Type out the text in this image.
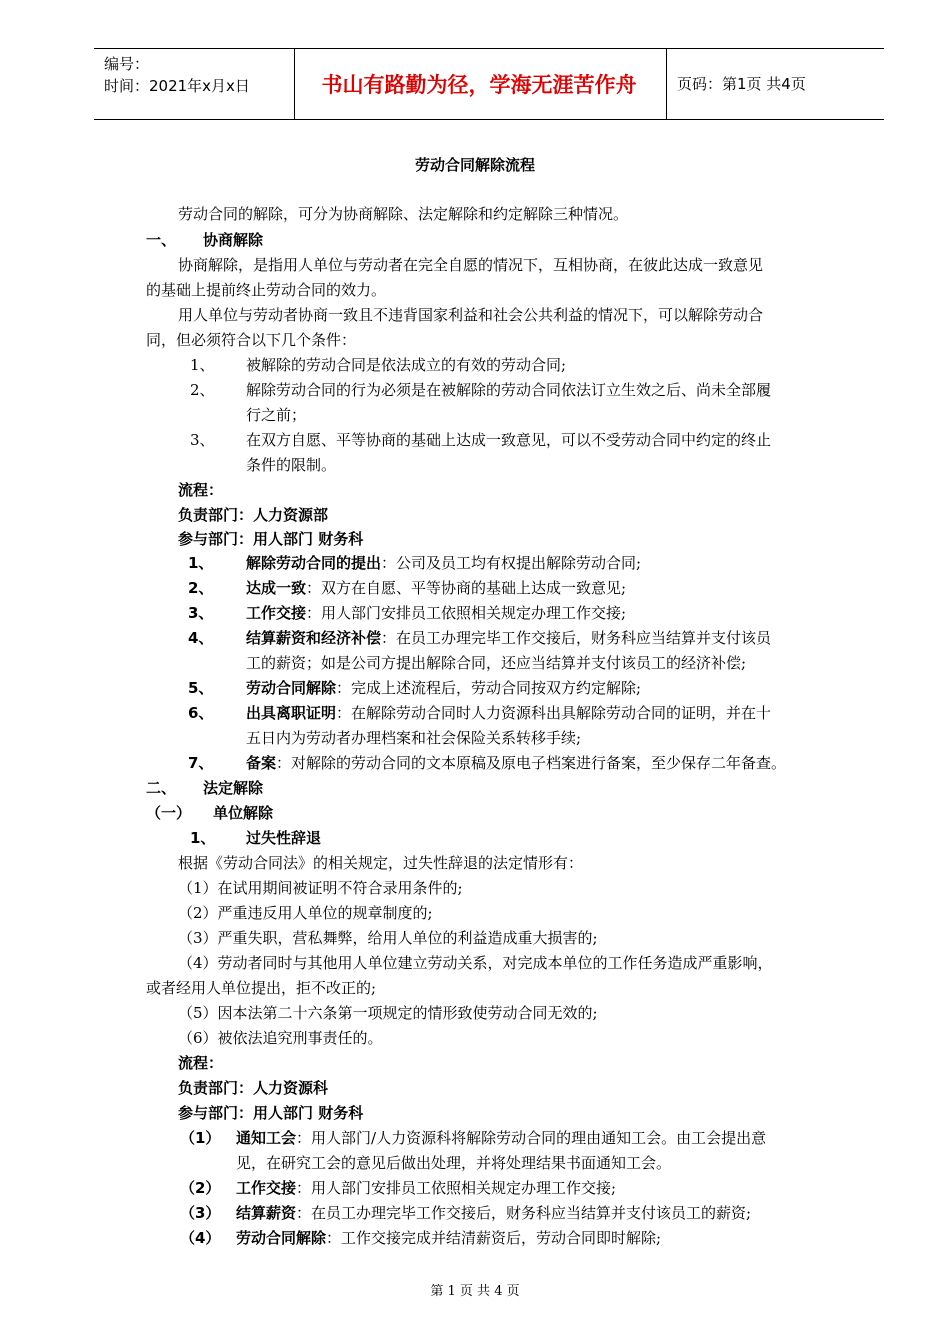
编号：
时间：2021年x月x日	书山有路勤为径，学海无涯苦作舟	页码：第1页 共4页
劳动合同解除流程
劳动合同的解除，可分为协商解除、法定解除和约定解除三种情况。
一、 协商解除
协商解除，是指用人单位与劳动者在完全自愿的情况下，互相协商，在彼此达成一致意见
的基础上提前终止劳动合同的效力。
用人单位与劳动者协商一致且不违背国家利益和社会公共利益的情况下，可以解除劳动合
同，但必须符合以下几个条件：
1、 被解除的劳动合同是依法成立的有效的劳动合同;
2、 解除劳动合同的行为必须是在被解除的劳动合同依法订立生效之后、尚未全部履
行之前；
3、 在双方自愿、平等协商的基础上达成一致意见，可以不受劳动合同中约定的终止
条件的限制。
流程：
负责部门：人力资源部
参与部门：用人部门 财务科
1、 解除劳动合同的提出：公司及员工均有权提出解除劳动合同;
2、 达成一致：双方在自愿、平等协商的基础上达成一致意见;
3、 工作交接：用人部门安排员工依照相关规定办理工作交接;
4、 结算薪资和经济补偿：在员工办理完毕工作交接后，财务科应当结算并支付该员
工的薪资；如是公司方提出解除合同，还应当结算并支付该员工的经济补偿;
5、 劳动合同解除：完成上述流程后，劳动合同按双方约定解除;
6、 出具离职证明：在解除劳动合同时人力资源科出具解除劳动合同的证明，并在十
五日内为劳动者办理档案和社会保险关系转移手续;
7、 备案：对解除的劳动合同的文本原稿及原电子档案进行备案，至少保存二年备查。
二、 法定解除
（一） 单位解除
1、 过失性辞退
根据《劳动合同法》的相关规定，过失性辞退的法定情形有：
（1）在试用期间被证明不符合录用条件的;
（2）严重违反用人单位的规章制度的;
（3）严重失职，营私舞弊，给用人单位的利益造成重大损害的;
（4）劳动者同时与其他用人单位建立劳动关系，对完成本单位的工作任务造成严重影响，
或者经用人单位提出，拒不改正的;
（5）因本法第二十六条第一项规定的情形致使劳动合同无效的;
（6）被依法追究刑事责任的。
流程：
负责部门：人力资源科
参与部门：用人部门 财务科
（1） 通知工会：用人部门/人力资源科将解除劳动合同的理由通知工会。由工会提出意
见，在研究工会的意见后做出处理，并将处理结果书面通知工会。
（2） 工作交接：用人部门安排员工依照相关规定办理工作交接;
（3） 结算薪资：在员工办理完毕工作交接后，财务科应当结算并支付该员工的薪资;
（4） 劳动合同解除：工作交接完成并结清薪资后，劳动合同即时解除;
第 1 页 共 4 页
